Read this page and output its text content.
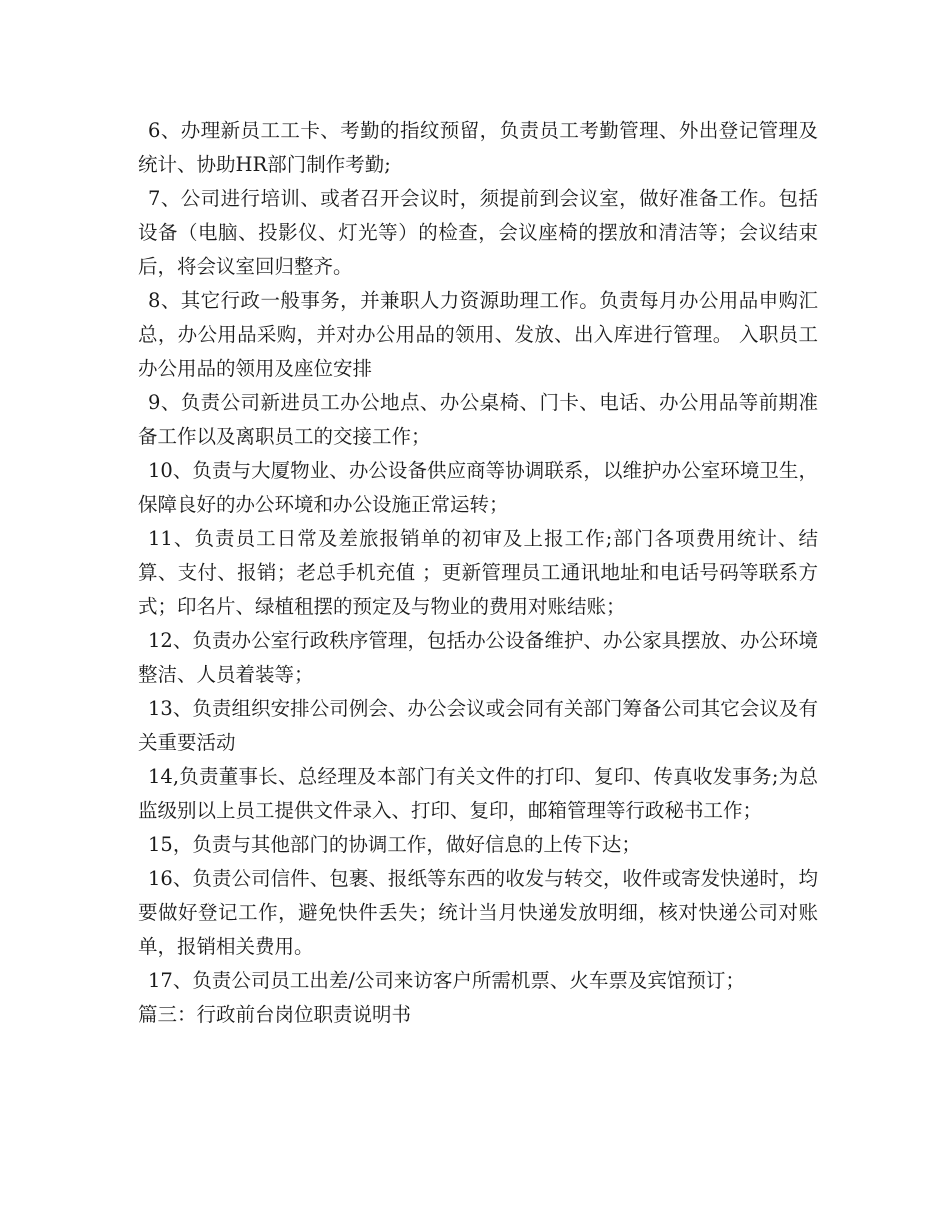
6、办理新员工工卡、考勤的指纹预留，负责员工考勤管理、外出登记管理及统计、协助HR部门制作考勤;

7、公司进行培训、或者召开会议时，须提前到会议室，做好准备工作。包括设备（电脑、投影仪、灯光等）的检查，会议座椅的摆放和清洁等；会议结束后，将会议室回归整齐。

8、其它行政一般事务，并兼职人力资源助理工作。负责每月办公用品申购汇总，办公用品采购，并对办公用品的领用、发放、出入库进行管理。 入职员工办公用品的领用及座位安排

9、负责公司新进员工办公地点、办公桌椅、门卡、电话、办公用品等前期准备工作以及离职员工的交接工作；

10、负责与大厦物业、办公设备供应商等协调联系，以维护办公室环境卫生，保障良好的办公环境和办公设施正常运转；

11、负责员工日常及差旅报销单的初审及上报工作;部门各项费用统计、结算、支付、报销；老总手机充值 ；更新管理员工通讯地址和电话号码等联系方式；印名片、绿植租摆的预定及与物业的费用对账结账；

12、负责办公室行政秩序管理，包括办公设备维护、办公家具摆放、办公环境整洁、人员着装等；

13、负责组织安排公司例会、办公会议或会同有关部门筹备公司其它会议及有关重要活动

14,负责董事长、总经理及本部门有关文件的打印、复印、传真收发事务;为总监级别以上员工提供文件录入、打印、复印，邮箱管理等行政秘书工作；

15，负责与其他部门的协调工作，做好信息的上传下达；

16、负责公司信件、包裹、报纸等东西的收发与转交，收件或寄发快递时，均要做好登记工作，避免快件丢失；统计当月快递发放明细，核对快递公司对账单，报销相关费用。

17、负责公司员工出差/公司来访客户所需机票、火车票及宾馆预订；

篇三：行政前台岗位职责说明书
